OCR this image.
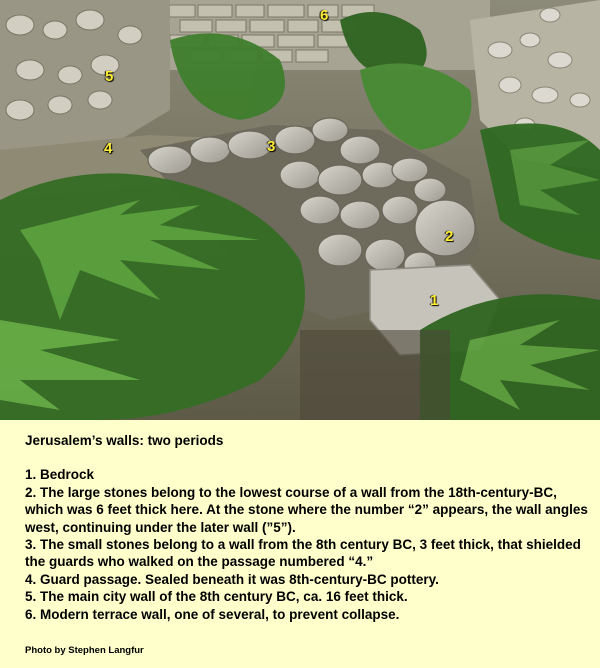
1
2
3
4
5
6

Jerusalem’s walls: two periods

1. Bedrock

2. The large stones belong to the lowest course of a wall from the 18th-century-BC, which was 6 feet thick here. At the stone where the number “2” appears, the wall angles west, continuing under the later wall (”5”).

3. The small stones belong to a wall from the 8th century BC, 3 feet thick, that shielded the guards who walked on the passage numbered “4.”

4. Guard passage. Sealed beneath it was 8th-century-BC pottery.

5. The main city wall of the 8th century BC, ca. 16 feet thick.

6. Modern terrace wall, one of several, to prevent collapse.

Photo by Stephen Langfur
